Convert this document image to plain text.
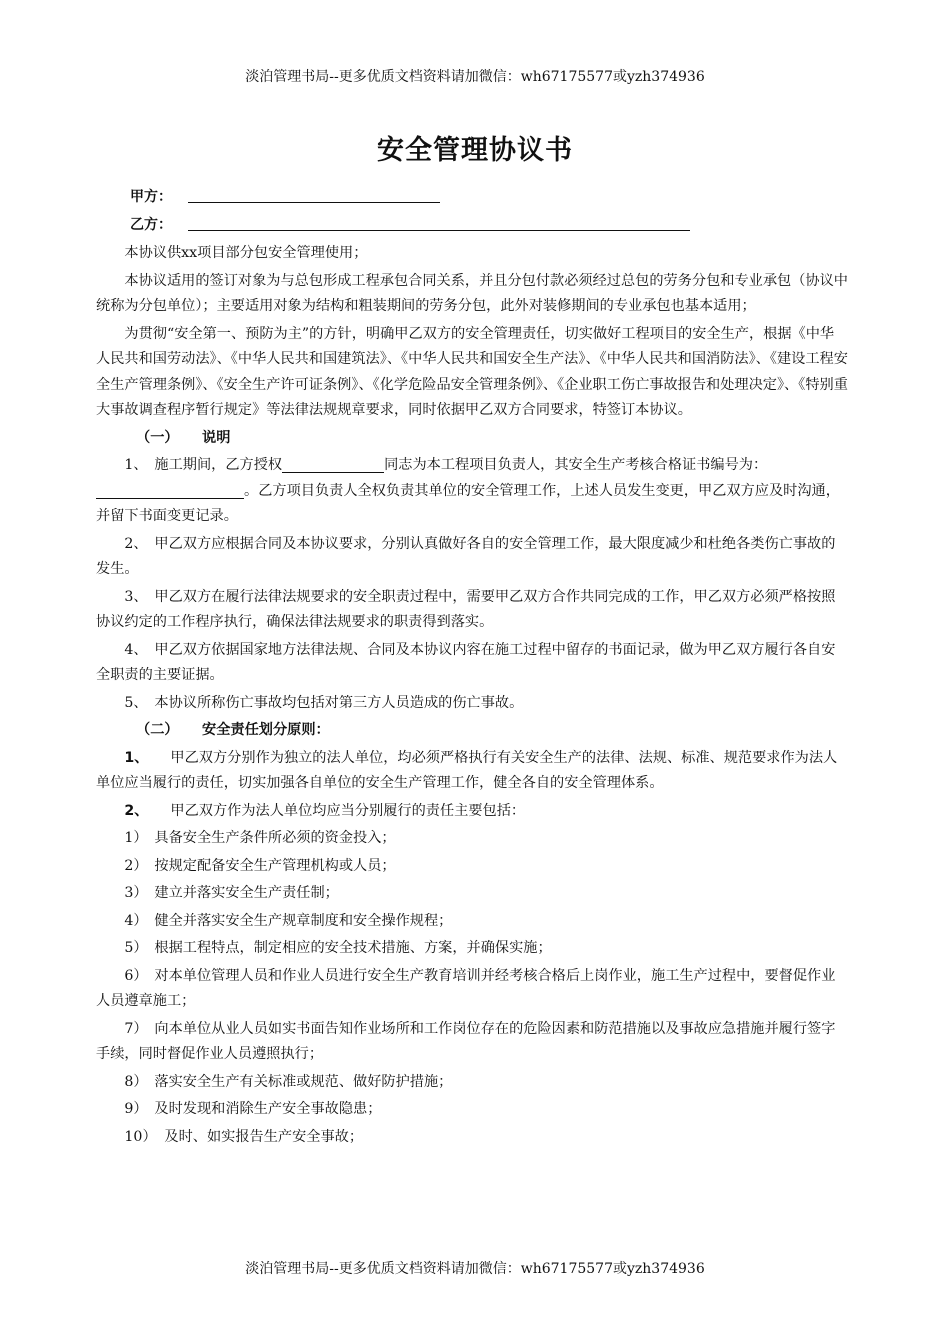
淡泊管理书局--更多优质文档资料请加微信：wh67175577或yzh374936
安全管理协议书
甲方：
乙方：
本协议供xx项目部分包安全管理使用；
本协议适用的签订对象为与总包形成工程承包合同关系，并且分包付款必须经过总包的劳务分包和专业承包（协议中统称为分包单位）；主要适用对象为结构和粗装期间的劳务分包，此外对装修期间的专业承包也基本适用；
为贯彻“安全第一、预防为主”的方针，明确甲乙双方的安全管理责任，切实做好工程项目的安全生产，根据《中华人民共和国劳动法》、《中华人民共和国建筑法》、《中华人民共和国安全生产法》、《中华人民共和国消防法》、《建设工程安全生产管理条例》、《安全生产许可证条例》、《化学危险品安全管理条例》、《企业职工伤亡事故报告和处理决定》、《特别重大事故调查程序暂行规定》等法律法规规章要求，同时依据甲乙双方合同要求，特签订本协议。
（一） 说明
1、 施工期间，乙方授权	同志为本工程项目负责人，其安全生产考核合格证书编号为：。乙方项目负责人全权负责其单位的安全管理工作，上述人员发生变更，甲乙双方应及时沟通，并留下书面变更记录。
2、 甲乙双方应根据合同及本协议要求，分别认真做好各自的安全管理工作，最大限度减少和杜绝各类伤亡事故的发生。
3、 甲乙双方在履行法律法规要求的安全职责过程中，需要甲乙双方合作共同完成的工作，甲乙双方必须严格按照协议约定的工作程序执行，确保法律法规要求的职责得到落实。
4、 甲乙双方依据国家地方法律法规、合同及本协议内容在施工过程中留存的书面记录，做为甲乙双方履行各自安全职责的主要证据。
5、 本协议所称伤亡事故均包括对第三方人员造成的伤亡事故。
（二） 安全责任划分原则：
1、 甲乙双方分别作为独立的法人单位，均必须严格执行有关安全生产的法律、法规、标准、规范要求作为法人单位应当履行的责任，切实加强各自单位的安全生产管理工作，健全各自的安全管理体系。
2、 甲乙双方作为法人单位均应当分别履行的责任主要包括：
1） 具备安全生产条件所必须的资金投入；
2） 按规定配备安全生产管理机构或人员；
3） 建立并落实安全生产责任制；
4） 健全并落实安全生产规章制度和安全操作规程；
5） 根据工程特点，制定相应的安全技术措施、方案，并确保实施；
6） 对本单位管理人员和作业人员进行安全生产教育培训并经考核合格后上岗作业，施工生产过程中，要督促作业人员遵章施工；
7） 向本单位从业人员如实书面告知作业场所和工作岗位存在的危险因素和防范措施以及事故应急措施并履行签字手续，同时督促作业人员遵照执行；
8） 落实安全生产有关标准或规范、做好防护措施；
9） 及时发现和消除生产安全事故隐患；
10） 及时、如实报告生产安全事故；
淡泊管理书局--更多优质文档资料请加微信：wh67175577或yzh374936
